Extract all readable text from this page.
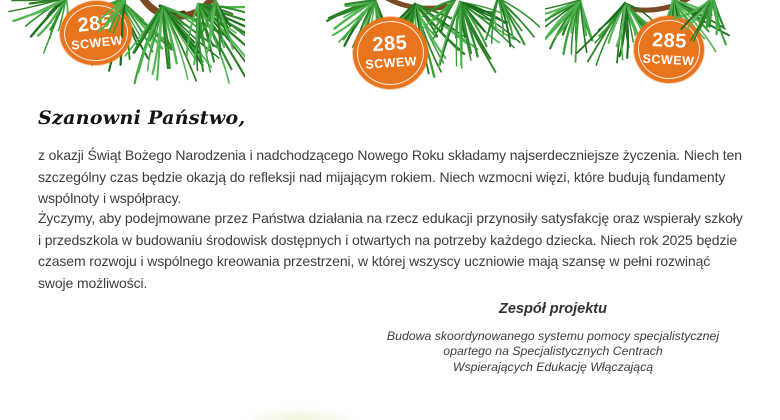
285
SCWEW	285
SCWEW
285
SCWEW
Szanowni Państwo,
z okazji Świąt Bożego Narodzenia i nadchodzącego Nowego Roku składamy najserdeczniejsze życzenia. Niech ten
szczególny czas będzie okazją do refleksji nad mijającym rokiem. Niech wzmocni więzi, które budują fundamenty
wspólnoty i współpracy.
Życzymy, aby podejmowane przez Państwa działania na rzecz edukacji przynosiły satysfakcję oraz wspierały szkoły
i przedszkola w budowaniu środowisk dostępnych i otwartych na potrzeby każdego dziecka. Niech rok 2025 będzie
czasem rozwoju i wspólnego kreowania przestrzeni, w której wszyscy uczniowie mają szansę w pełni rozwinąć
swoje możliwości.
Zespół projektu
Budowa skoordynowanego systemu pomocy specjalistycznej
opartego na Specjalistycznych Centrach
Wspierających Edukację Włączającą
